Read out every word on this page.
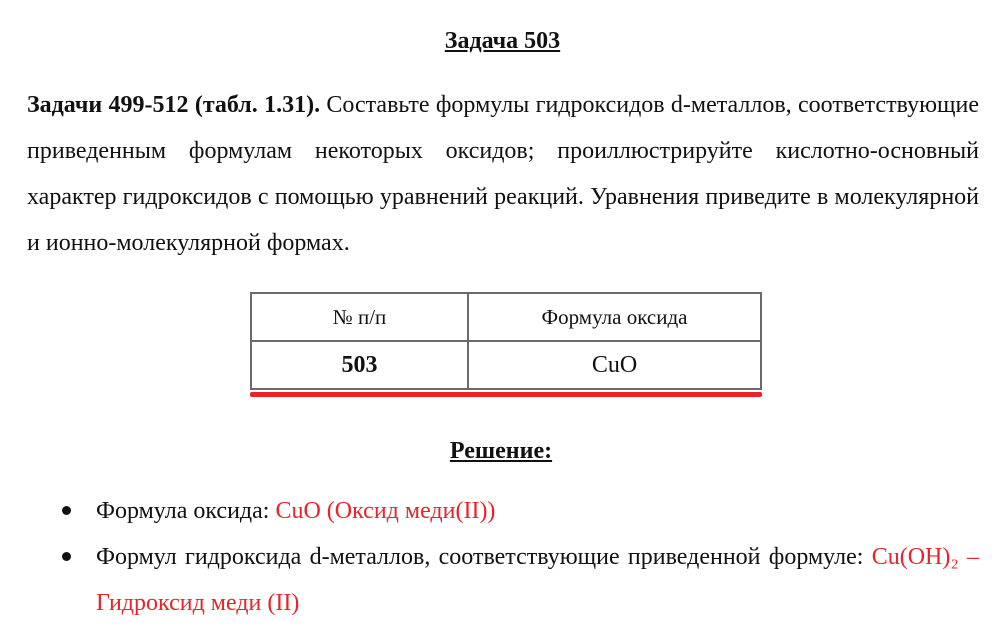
Задача 503

Задачи 499-512 (табл. 1.31). Составьте формулы гидроксидов d-металлов, соответствующие приведенным формулам некоторых оксидов; проиллюстрируйте кислотно-основный характер гидроксидов с помощью уравнений реакций. Уравнения приведите в молекулярной и ионно-молекулярной формах.

№ п/п	Формула оксида
503	CuO
Решение:
Формула оксида: CuO (Оксид меди(II))
Формул гидроксида d-металлов, соответствующие приведенной формуле: Cu(OH)₂ – Гидроксид меди (II)
